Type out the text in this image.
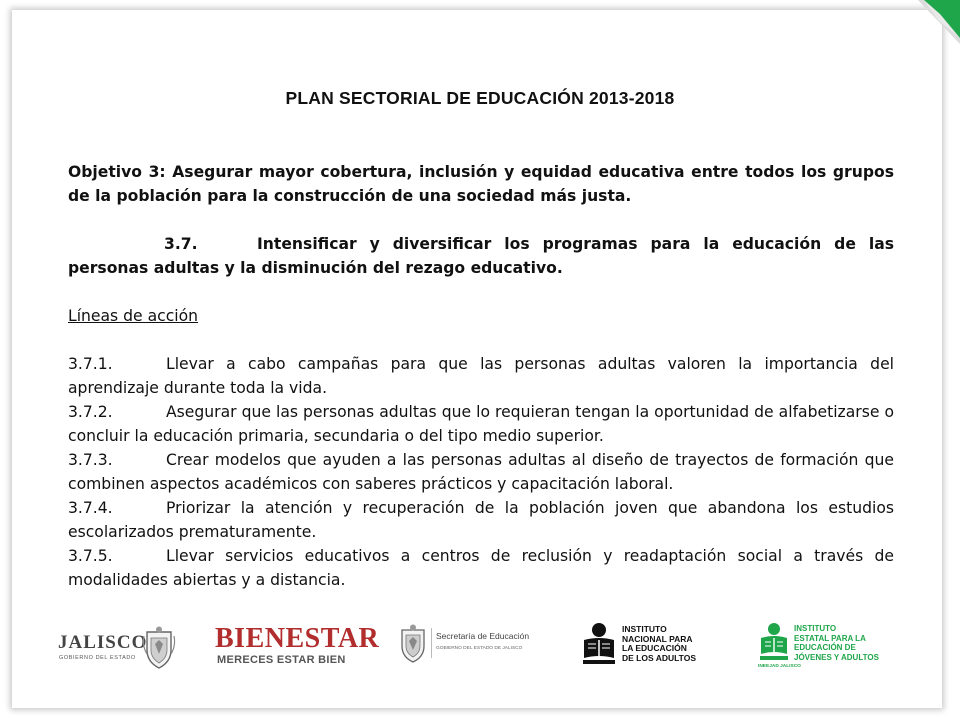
PLAN SECTORIAL DE EDUCACIÓN 2013-2018

Objetivo 3: Asegurar mayor cobertura, inclusión y equidad educativa entre todos los grupos de la población para la construcción de una sociedad más justa.

3.7.	Intensificar y diversificar los programas para la educación de las personas adultas y la disminución del rezago educativo.

Líneas de acción

3.7.1.	Llevar a cabo campañas para que las personas adultas valoren la importancia del aprendizaje durante toda la vida.

3.7.2.	Asegurar que las personas adultas que lo requieran tengan la oportunidad de alfabetizarse o concluir la educación primaria, secundaria o del tipo medio superior.

3.7.3.	Crear modelos que ayuden a las personas adultas al diseño de trayectos de formación que combinen aspectos académicos con saberes prácticos y capacitación laboral.

3.7.4.	Priorizar la atención y recuperación de la población joven que abandona los estudios escolarizados prematuramente.

3.7.5.	Llevar servicios educativos a centros de reclusión y readaptación social a través de modalidades abiertas y a distancia.

JALISCO
GOBIERNO DEL ESTADO
BIENESTAR
MERECES ESTAR BIEN
Secretaría de Educación
GOBIERNO DEL ESTADO DE JALISCO
INSTITUTO
NACIONAL PARA
LA EDUCACIÓN
DE LOS ADULTOS
INEEJAD JALISCO
INSTITUTO
ESTATAL PARA LA
EDUCACIÓN DE
JÓVENES Y ADULTOS
